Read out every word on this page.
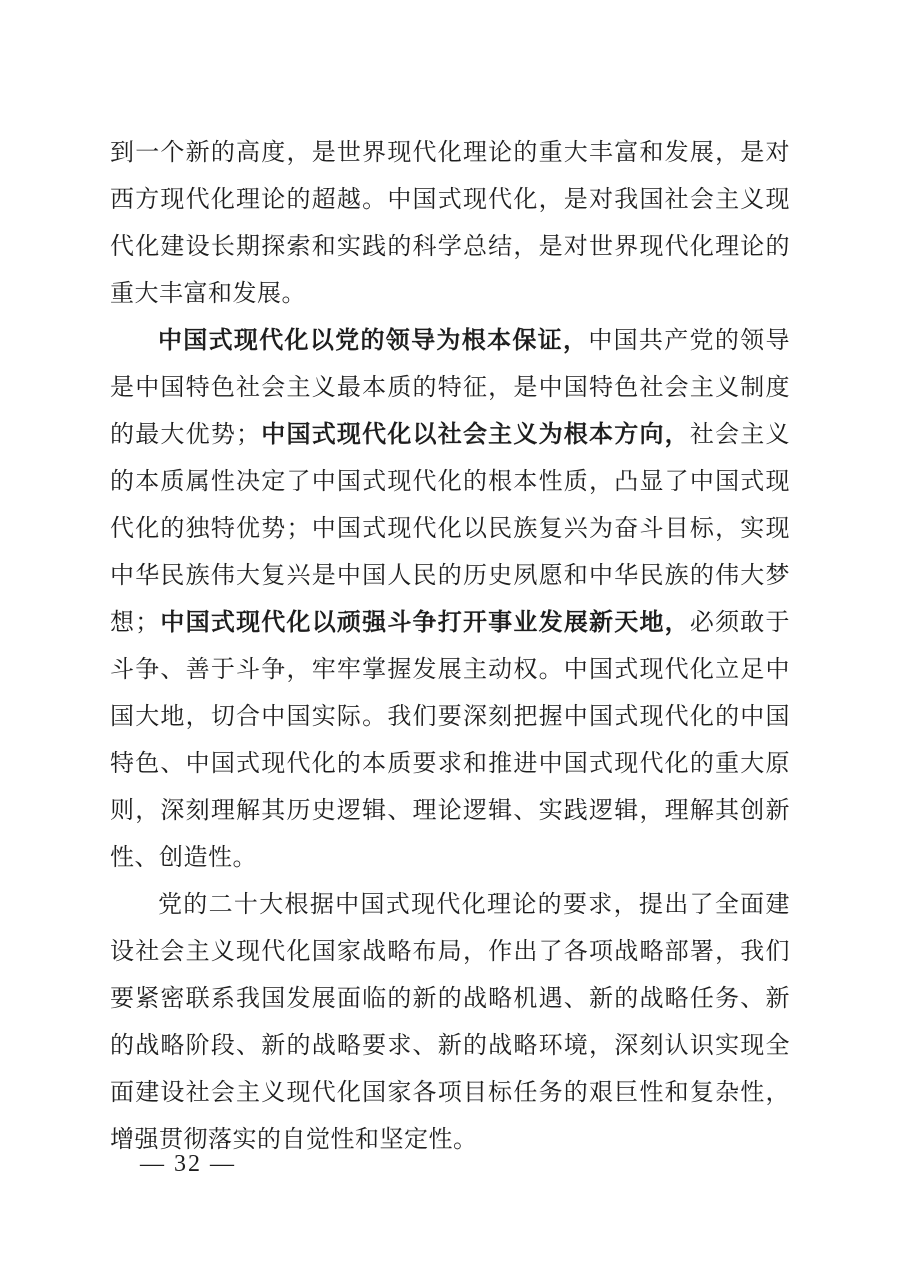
到一个新的高度，是世界现代化理论的重大丰富和发展，是对西方现代化理论的超越。中国式现代化，是对我国社会主义现代化建设长期探索和实践的科学总结，是对世界现代化理论的重大丰富和发展。

中国式现代化以党的领导为根本保证，中国共产党的领导是中国特色社会主义最本质的特征，是中国特色社会主义制度的最大优势；中国式现代化以社会主义为根本方向，社会主义的本质属性决定了中国式现代化的根本性质，凸显了中国式现代化的独特优势；中国式现代化以民族复兴为奋斗目标，实现中华民族伟大复兴是中国人民的历史夙愿和中华民族的伟大梦想；中国式现代化以顽强斗争打开事业发展新天地，必须敢于斗争、善于斗争，牢牢掌握发展主动权。中国式现代化立足中国大地，切合中国实际。我们要深刻把握中国式现代化的中国特色、中国式现代化的本质要求和推进中国式现代化的重大原则，深刻理解其历史逻辑、理论逻辑、实践逻辑，理解其创新性、创造性。

党的二十大根据中国式现代化理论的要求，提出了全面建设社会主义现代化国家战略布局，作出了各项战略部署，我们要紧密联系我国发展面临的新的战略机遇、新的战略任务、新的战略阶段、新的战略要求、新的战略环境，深刻认识实现全面建设社会主义现代化国家各项目标任务的艰巨性和复杂性，增强贯彻落实的自觉性和坚定性。

— 32 —
